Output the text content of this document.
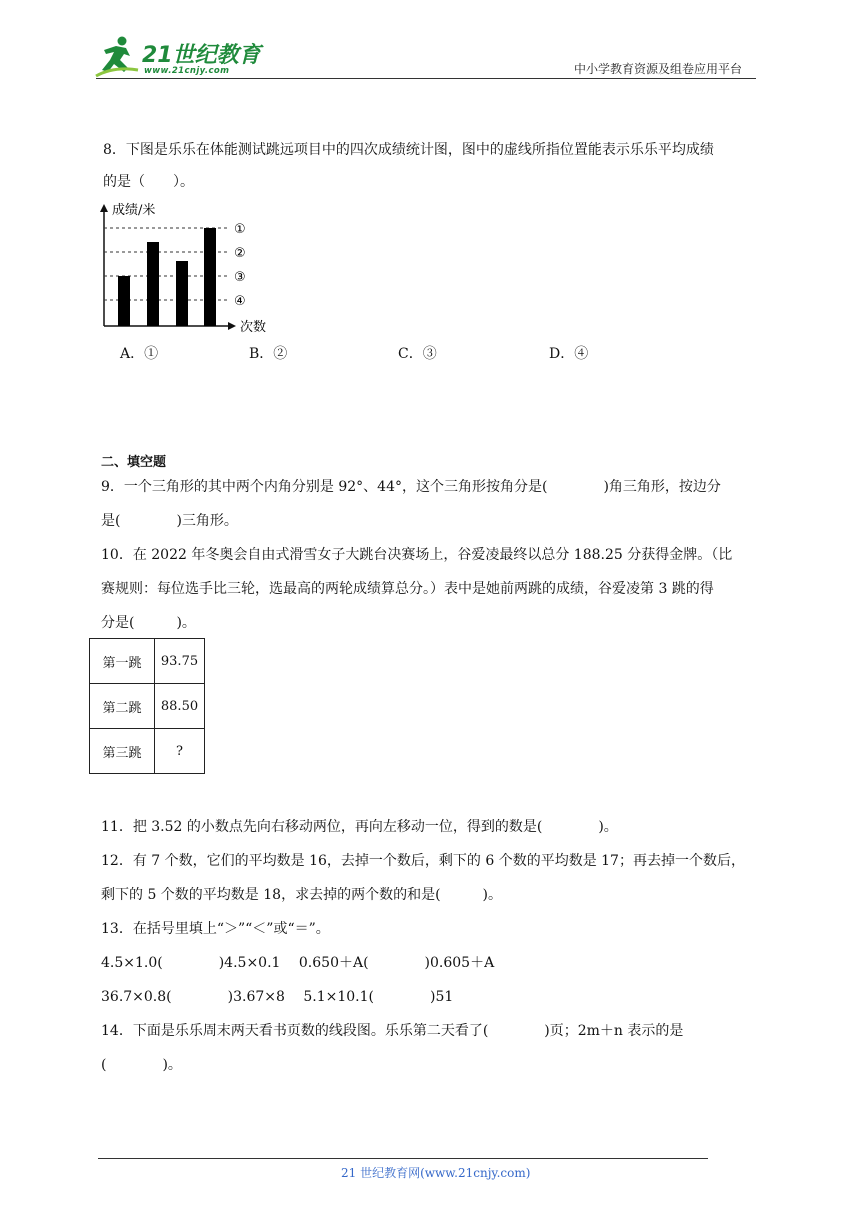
21世纪教育
www.21cnjy.com	中小学教育资源及组卷应用平台
8．下图是乐乐在体能测试跳远项目中的四次成绩统计图，图中的虚线所指位置能表示乐乐平均成绩
的是（　　）。
成绩/米
次数
①
②
③
④
A．①	B．②	C．③	D．④
二、填空题
9．一个三角形的其中两个内角分别是 92°、44°，这个三角形按角分是(　　　　)角三角形，按边分
是(　　　　)三角形。
10．在 2022 年冬奥会自由式滑雪女子大跳台决赛场上，谷爱凌最终以总分 188.25 分获得金牌。（比
赛规则：每位选手比三轮，选最高的两轮成绩算总分。）表中是她前两跳的成绩，谷爱凌第 3 跳的得
分是(　　　)。
第一跳	93.75
第二跳	88.50
第三跳	?
11．把 3.52 的小数点先向右移动两位，再向左移动一位，得到的数是(　　　　)。
12．有 7 个数，它们的平均数是 16，去掉一个数后，剩下的 6 个数的平均数是 17；再去掉一个数后，
剩下的 5 个数的平均数是 18，求去掉的两个数的和是(　　　)。
13．在括号里填上“＞”“＜”或“＝”。
4.5×1.0(　　　　)4.5×0.1　 0.650＋A(　　　　)0.605＋A
36.7×0.8(　　　　)3.67×8　 5.1×10.1(　　　　)51
14．下面是乐乐周末两天看书页数的线段图。乐乐第二天看了(　　　　)页；2m＋n 表示的是
(　　　　)。
21 世纪教育网(www.21cnjy.com)
